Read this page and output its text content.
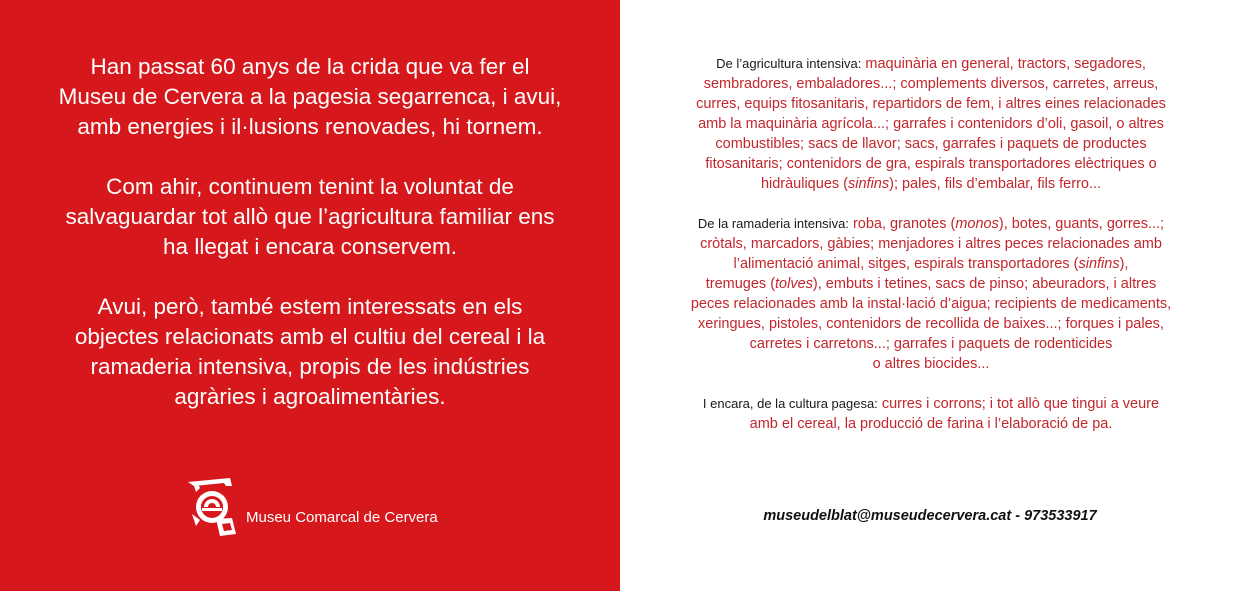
Han passat 60 anys de la crida que va fer el
Museu de Cervera a la pagesia segarrenca, i avui,
amb energies i il·lusions renovades, hi tornem.

Com ahir, continuem tenint la voluntat de
salvaguardar tot allò que l’agricultura familiar ens
ha llegat i encara conservem.

Avui, però, també estem interessats en els
objectes relacionats amb el cultiu del cereal i la
ramaderia intensiva, propis de les indústries
agràries i agroalimentàries.

Museu Comarcal de Cervera

De l’agricultura intensiva: maquinària en general, tractors, segadores,
sembradores, embaladores...; complements diversos, carretes, arreus,
curres, equips fitosanitaris, repartidors de fem, i altres eines relacionades
amb la maquinària agrícola...; garrafes i contenidors d’oli, gasoil, o altres
combustibles; sacs de llavor; sacs, garrafes i paquets de productes
fitosanitaris; contenidors de gra, espirals transportadores elèctriques o
hidràuliques (sinfins); pales, fils d’embalar, fils ferro...

De la ramaderia intensiva: roba, granotes (monos), botes, guants, gorres...;
cròtals, marcadors, gàbies; menjadores i altres peces relacionades amb
l’alimentació animal, sitges, espirals transportadores (sinfins),
tremuges (tolves), embuts i tetines, sacs de pinso; abeuradors, i altres
peces relacionades amb la instal·lació d’aigua; recipients de medicaments,
xeringues, pistoles, contenidors de recollida de baixes...; forques i pales,
carretes i carretons...; garrafes i paquets de rodenticides
o altres biocides...

I encara, de la cultura pagesa: curres i corrons; i tot allò que tingui a veure
amb el cereal, la producció de farina i l’elaboració de pa.

museudelblat@museudecervera.cat - 973533917
